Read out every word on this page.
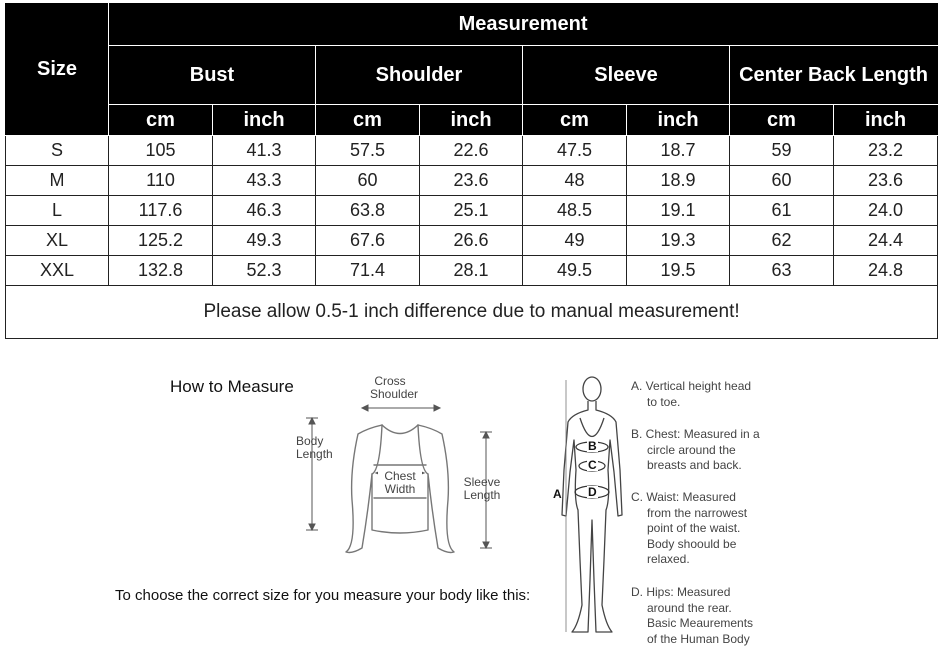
Size	Measurement							
	Bust		Shoulder		Sleeve		Center Back Length	
	cm	inch	cm	inch	cm	inch	cm	inch
S	105	41.3	57.5	22.6	47.5	18.7	59	23.2
M	110	43.3	60	23.6	48	18.9	60	23.6
L	117.6	46.3	63.8	25.1	48.5	19.1	61	24.0
XL	125.2	49.3	67.6	26.6	49	19.3	62	24.4
XXL	132.8	52.3	71.4	28.1	49.5	19.5	63	24.8
Please allow 0.5-1 inch difference due to manual measurement!								
How to Measure	Cross
Shoulder
Body
Length
Chest
Width	Sleeve
Length
B
C
D
A
A. Vertical height head
to toe.
B. Chest: Measured in a
circle around the
breasts and back.
C. Waist: Measured
from the narrowest
point of the waist.
Body shoould be
relaxed.
D. Hips: Measured
around the rear.
Basic Meaurements
of the Human Body
To choose the correct size for you measure your body like this:
